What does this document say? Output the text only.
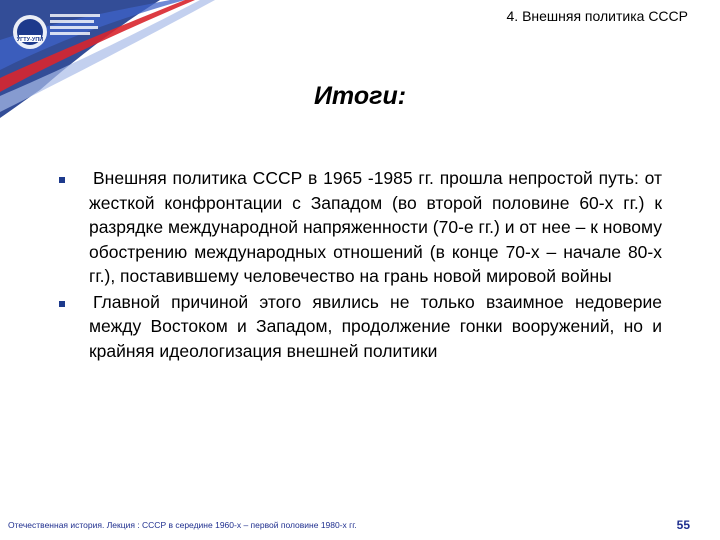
УГТУ-УПИ
4. Внешняя политика СССР
Итоги:
Внешняя политика СССР в 1965 -1985 гг. прошла непростой путь: от жесткой конфронтации с Западом (во второй половине 60-х гг.) к разрядке международной напряженности (70-е гг.) и от нее – к новому обострению международных отношений (в конце 70-х – начале 80-х гг.), поставившему человечество на грань новой мировой войны
Главной причиной этого явились не только взаимное недоверие между Востоком и Западом, продолжение гонки вооружений, но и крайняя идеологизация внешней политики
Отечественная история. Лекция : СССР в середине 1960-х – первой половине 1980-х гг.	55
